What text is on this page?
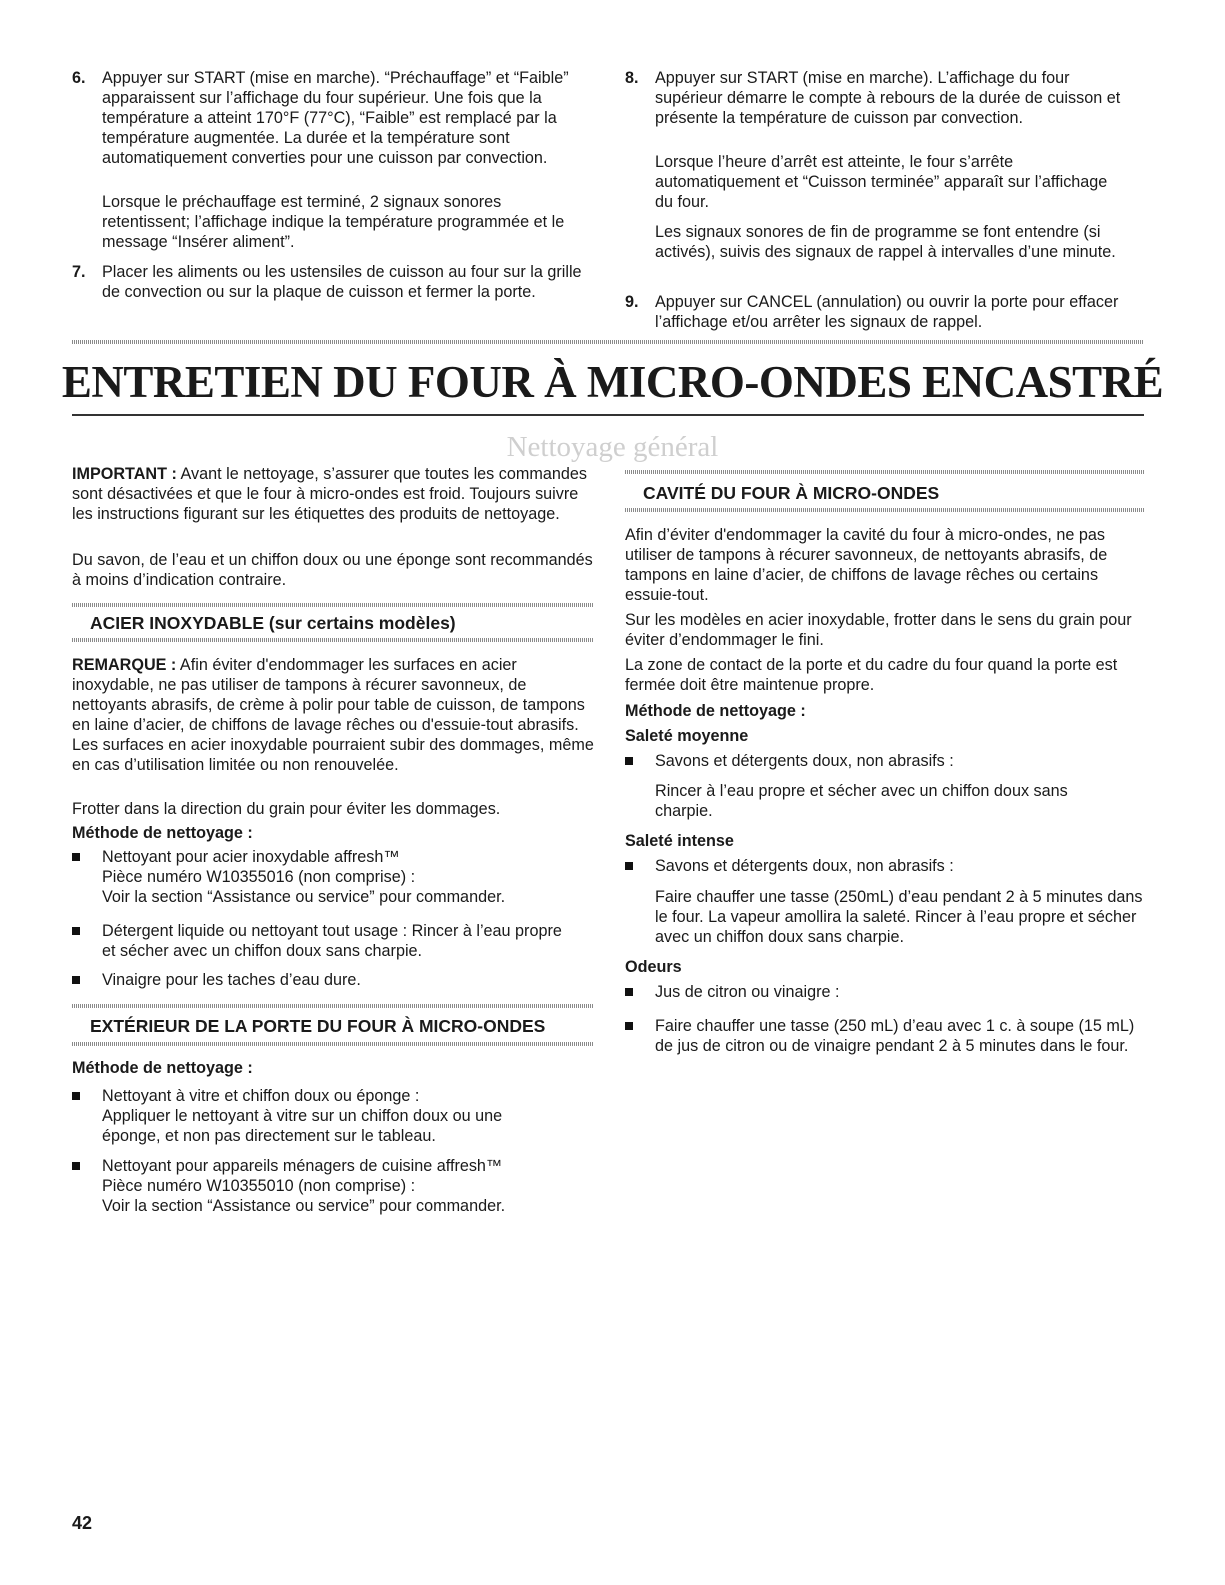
6. Appuyer sur START (mise en marche). “Préchauffage” et “Faible” apparaissent sur l’affichage du four supérieur. Une fois que la température a atteint 170°F (77°C), “Faible” est remplacé par la température augmentée. La durée et la température sont automatiquement converties pour une cuisson par convection.

Lorsque le préchauffage est terminé, 2 signaux sonores retentissent; l’affichage indique la température programmée et le message “Insérer aliment”.

7. Placer les aliments ou les ustensiles de cuisson au four sur la grille de convection ou sur la plaque de cuisson et fermer la porte.

8. Appuyer sur START (mise en marche). L’affichage du four supérieur démarre le compte à rebours de la durée de cuisson et présente la température de cuisson par convection.

Lorsque l’heure d’arrêt est atteinte, le four s’arrête automatiquement et “Cuisson terminée” apparaît sur l’affichage du four.

Les signaux sonores de fin de programme se font entendre (si activés), suivis des signaux de rappel à intervalles d’une minute.

9. Appuyer sur CANCEL (annulation) ou ouvrir la porte pour effacer l’affichage et/ou arrêter les signaux de rappel.

ENTRETIEN DU FOUR À MICRO-ONDES ENCASTRÉ
Nettoyage général

IMPORTANT : Avant le nettoyage, s’assurer que toutes les commandes sont désactivées et que le four à micro-ondes est froid. Toujours suivre les instructions figurant sur les étiquettes des produits de nettoyage.

Du savon, de l’eau et un chiffon doux ou une éponge sont recommandés à moins d’indication contraire.

ACIER INOXYDABLE (sur certains modèles)

REMARQUE : Afin éviter d'endommager les surfaces en acier inoxydable, ne pas utiliser de tampons à récurer savonneux, de nettoyants abrasifs, de crème à polir pour table de cuisson, de tampons en laine d’acier, de chiffons de lavage rêches ou d'essuie-tout abrasifs. Les surfaces en acier inoxydable pourraient subir des dommages, même en cas d’utilisation limitée ou non renouvelée.

Frotter dans la direction du grain pour éviter les dommages.

Méthode de nettoyage :

Nettoyant pour acier inoxydable affresh™

Pièce numéro W10355016 (non comprise) :

Voir la section “Assistance ou service” pour commander.

Détergent liquide ou nettoyant tout usage : Rincer à l’eau propre et sécher avec un chiffon doux sans charpie.

Vinaigre pour les taches d’eau dure.

EXTÉRIEUR DE LA PORTE DU FOUR À MICRO-ONDES

Méthode de nettoyage :

Nettoyant à vitre et chiffon doux ou éponge :

Appliquer le nettoyant à vitre sur un chiffon doux ou une éponge, et non pas directement sur le tableau.

Nettoyant pour appareils ménagers de cuisine affresh™

Pièce numéro W10355010 (non comprise) :

Voir la section “Assistance ou service” pour commander.

CAVITÉ DU FOUR À MICRO-ONDES

Afin d’éviter d'endommager la cavité du four à micro-ondes, ne pas utiliser de tampons à récurer savonneux, de nettoyants abrasifs, de tampons en laine d’acier, de chiffons de lavage rêches ou certains essuie-tout.

Sur les modèles en acier inoxydable, frotter dans le sens du grain pour éviter d’endommager le fini.

La zone de contact de la porte et du cadre du four quand la porte est fermée doit être maintenue propre.

Méthode de nettoyage :

Saleté moyenne

Savons et détergents doux, non abrasifs :

Rincer à l’eau propre et sécher avec un chiffon doux sans charpie.

Saleté intense

Savons et détergents doux, non abrasifs :

Faire chauffer une tasse (250mL) d’eau pendant 2 à 5 minutes dans le four. La vapeur amollira la saleté. Rincer à l’eau propre et sécher avec un chiffon doux sans charpie.

Odeurs

Jus de citron ou vinaigre :

Faire chauffer une tasse (250 mL) d’eau avec 1 c. à soupe (15 mL) de jus de citron ou de vinaigre pendant 2 à 5 minutes dans le four.

42
